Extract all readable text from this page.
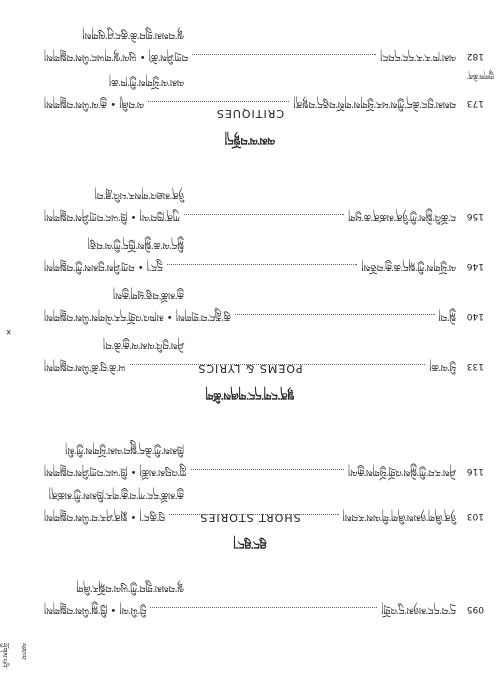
ཁྱུགས་ཆེན་
ལམ་ལ་ཕྱོགས་པའི་
x
ཐུང་ཐུང་།
SHORT STORIES
095
དྲ་བ་དང་མཉམ་དུ་འགྲོ།
བྱི་ཡི་ལ། • ཁྱི་སྐྱ་ཡིས་བསྒྲགས།
ལྷ་བསམ་གྲུབ་ཀྱི་ཡུལ་བསྐོར་ཞིག
103
ཉིན་ཞིག་ཉམས་ཞིག་གི་ལས་རབས།
བུ་ཆུང་། • སྨན་ཤར་བ་ཡིས་བསྒྲགས།
རྒྱ་མཚོ་དང་ཀ་བ་རྒྱ་གར་ཁྲིམས་ཀྱི་མཚན།
116
ཤེས་རབ་ཀྱི་སྐྱེས་འགྲོ་ཕྱོགས་རྒྱལ།
ཀླུ་འབུམ་མཚོ། • ཁྲི་ཡང་བཀྲ་ཤིས་བསྒྲགས།
ཁྲིམས་ཀྱི་ཆེད་སྒྲུབ་ལམ་ཕྱོགས་ཀྱི་མི།
སྙན་ངག་དང་གཞས་ཚིག
POEMS & LYRICS	133
ཕྱི་ལ་ཆ།
ཡ་ཆེ་བུ་ཚེ་ཡིས་བསྒྲགས།
ཤེས་བྱའི་ལམ་ལ་རྒྱ་ཆེ་བ།
140
སྐྱེ་བ།
ཆུ་རླུང་བ་གྲགས། • མཁའ་འགྲོ་དར་ལེགས་ཡིས་བསྒྲགས།
རྒྱ་མཚོ་བཅུ་ཕྲག་རྒྱས།
146
ལ་ཕྱོགས་ཀྱི་སྐད་ཆ་རྒྱ་བཅོས།
དྲུང་། • བཀྲ་ཤིས་བྱམས་ཀྱི་བསྒྲགས།
སྐྱིད་ལ་ཆ་སྐྱེས་ཁྱོད་ཀྱི་ལ་བཅུ།
156
ང་ཚོའི་སྐྱེས་ཀྱི་ཉིན་མཚན་ཆ་ཕྱག
ཀུན་ཁྱབ་ལ། • ཁྲི་ཡང་བཀྲ་ཤིས་བསྒྲགས།
ཉིན་མཐའ་གསར་པའི་ཟླ་བ།
ལམ་ལ་བསྟོད།
CRITIQUES
173
བསམ་བྱང་ཆེད་ཀྱིས་ཕར་ཕྱོགས་གསོ་བཅུད་བསྟན།
ལ་བཞི། • རྒྱ་ལ་ཡིས་བསྒྲགས།
ལམ་ལ་ཕྱོགས་ཀྱི་ཁ་ཆ།
182
ལམ་ཁ་ར་ར་དང་དབང།
བཀྲ་ཤིས་ཚེ། • ཡུལ་ལྷ་གཡང་ཡིས་བསྒྲགས།
ལྷ་བསམ་གྲུབ་ཆེ་ཆུང་ཤུ་ལུགས།
